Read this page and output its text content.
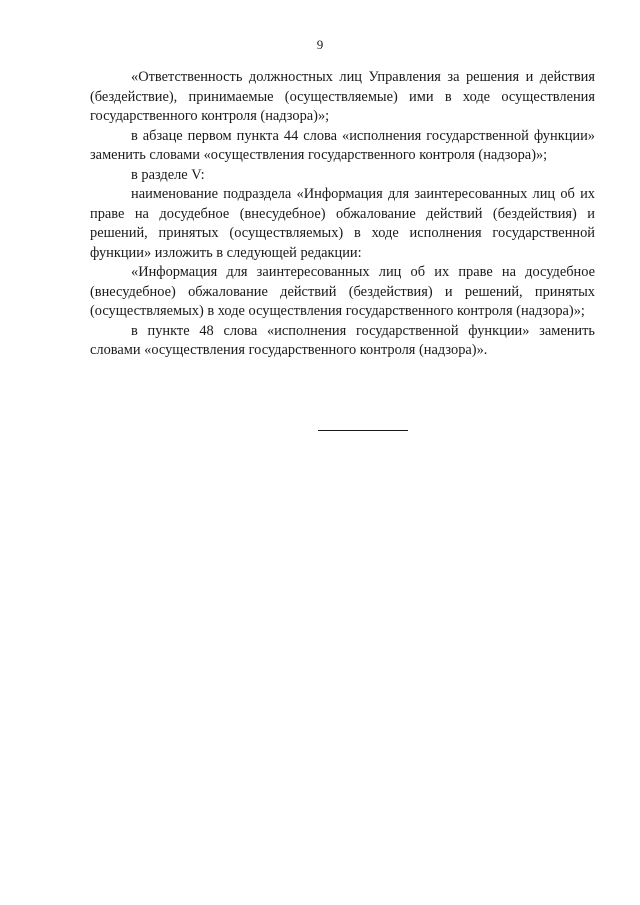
9

«Ответственность должностных лиц Управления за решения и действия (бездействие), принимаемые (осуществляемые) ими в ходе осуществления государственного контроля (надзора)»;

в абзаце первом пункта 44 слова «исполнения государственной функции» заменить словами «осуществления государственного контроля (надзора)»;

в разделе V:

наименование подраздела «Информация для заинтересованных лиц об их праве на досудебное (внесудебное) обжалование действий (бездействия) и решений, принятых (осуществляемых) в ходе исполнения государственной функции» изложить в следующей редакции:

«Информация для заинтересованных лиц об их праве на досудебное (внесудебное) обжалование действий (бездействия) и решений, принятых (осуществляемых) в ходе осуществления государственного контроля (надзора)»;

в пункте 48 слова «исполнения государственной функции» заменить словами «осуществления государственного контроля (надзора)».
